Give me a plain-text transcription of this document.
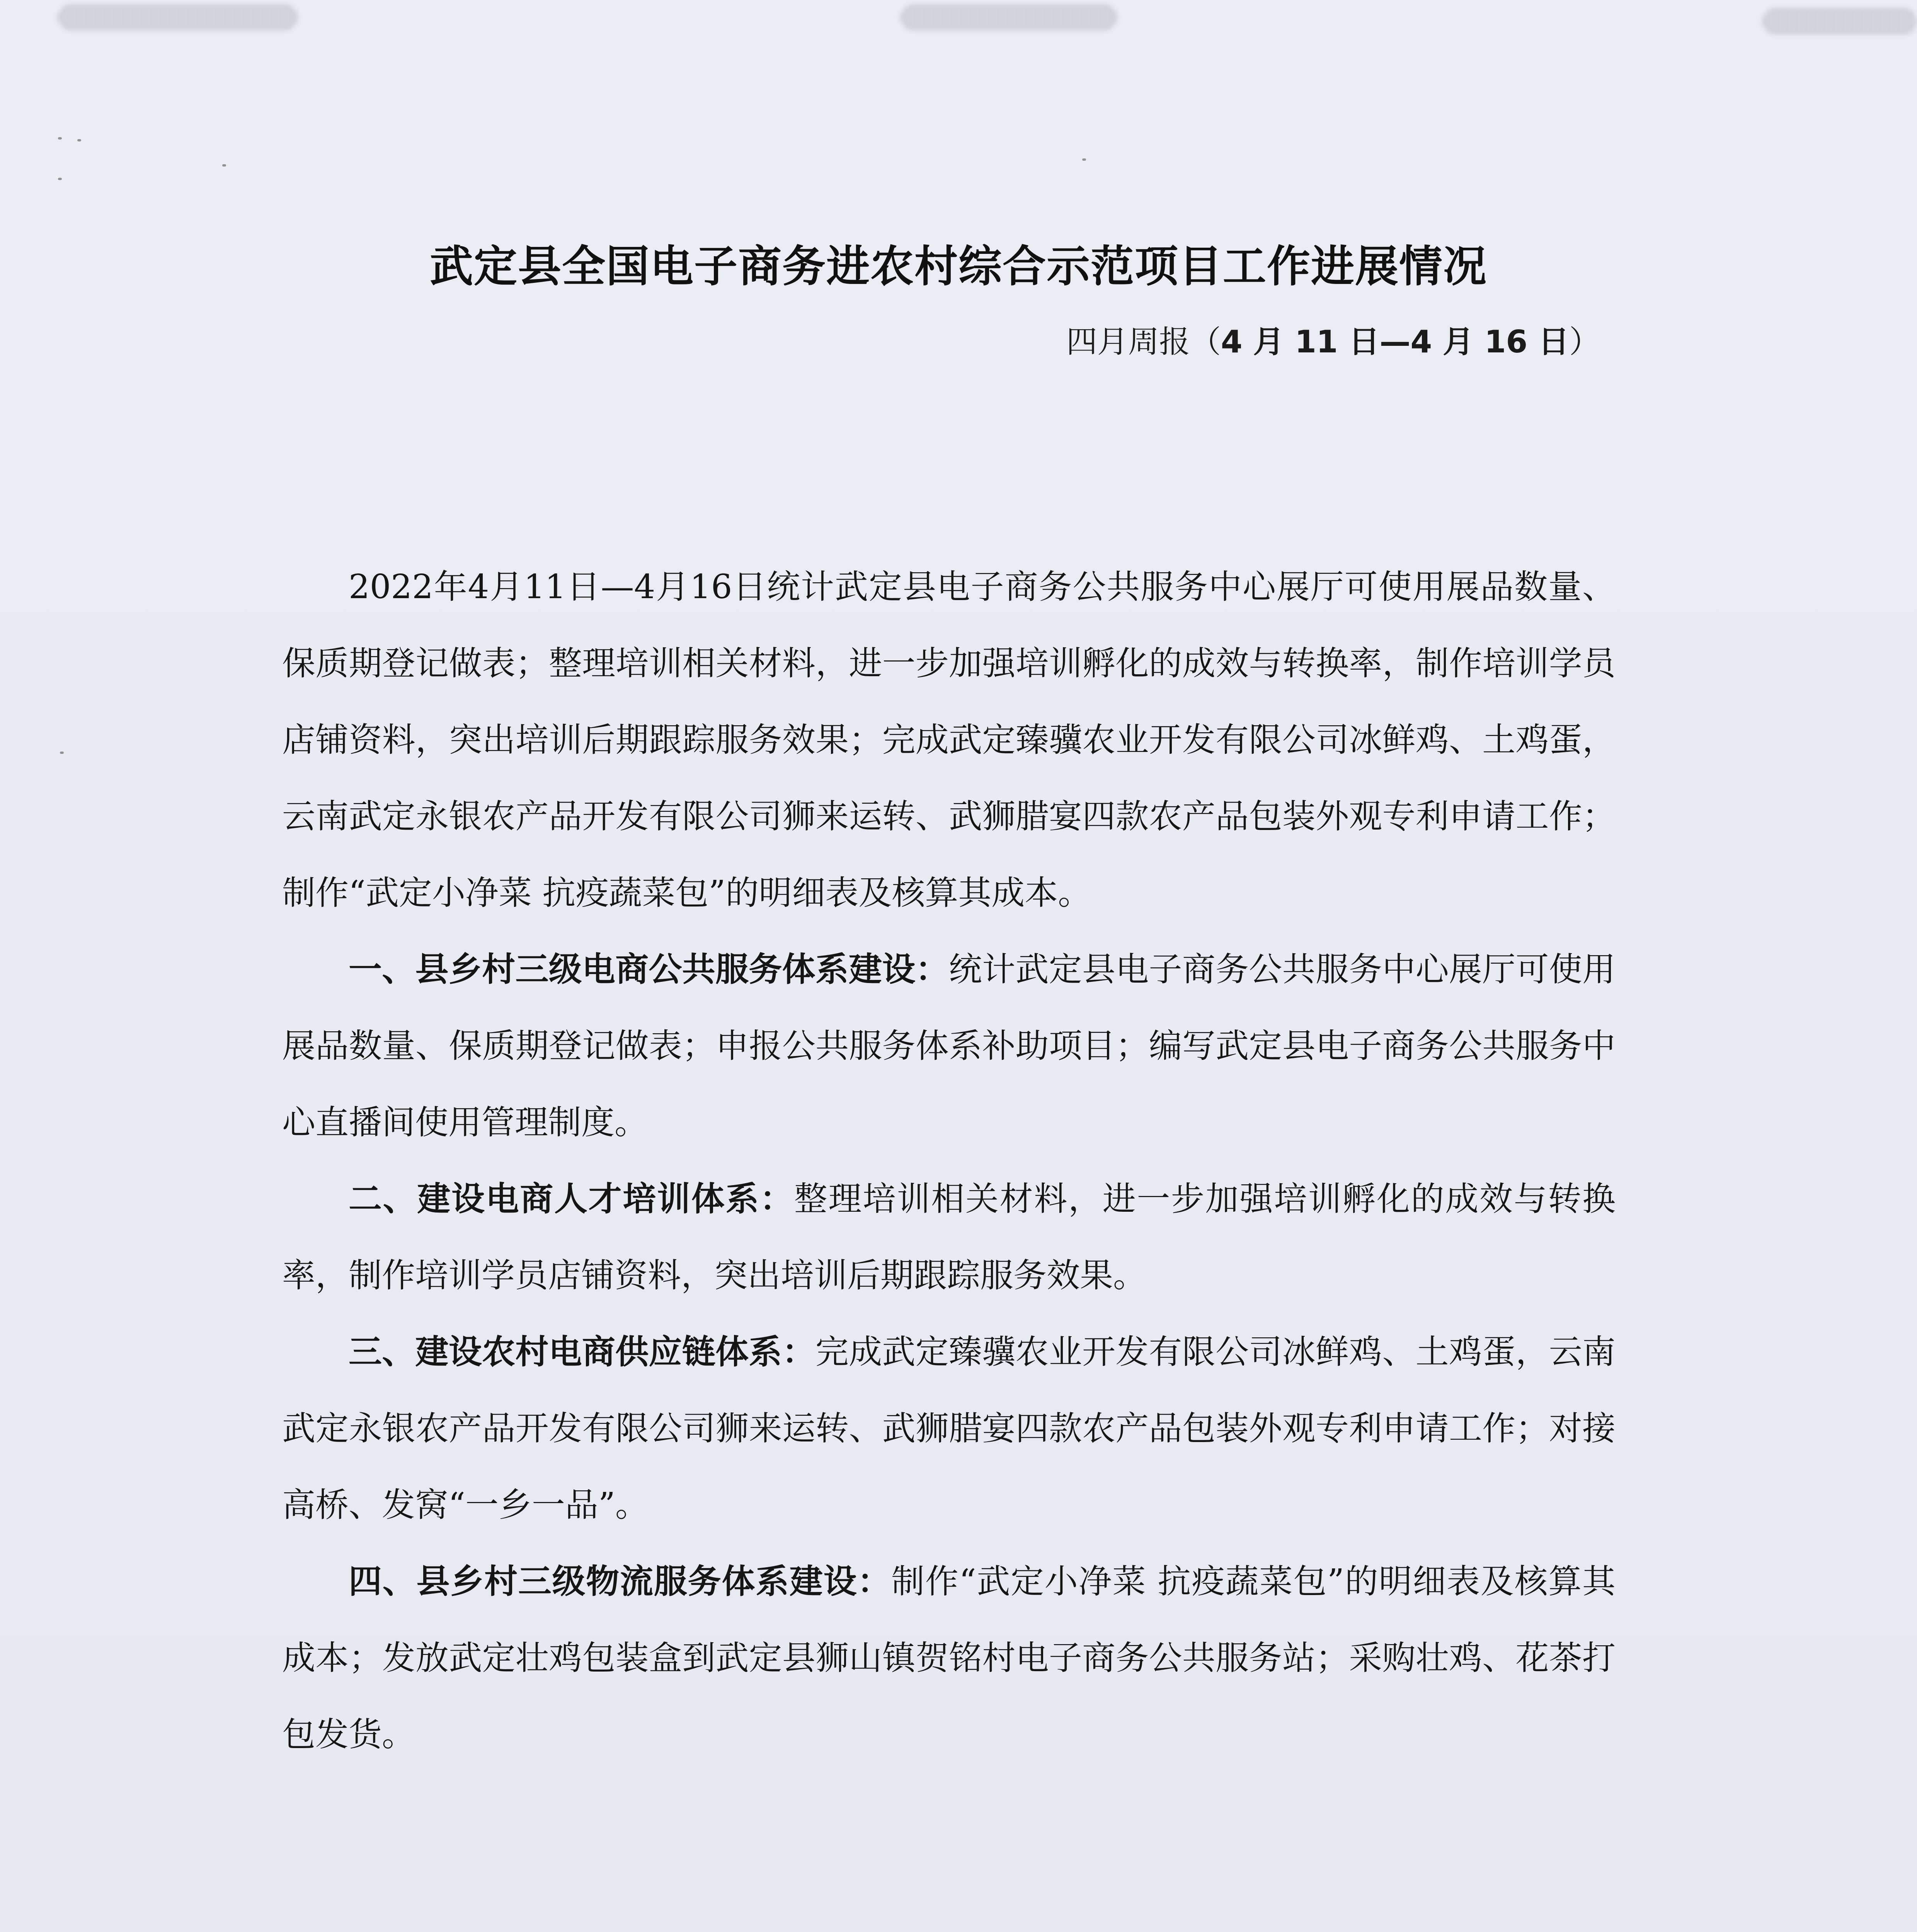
武定县全国电子商务进农村综合示范项目工作进展情况

四月周报（4 月 11 日—4 月 16 日）

2022年4月11日—4月16日统计武定县电子商务公共服务中心展厅可使用展品数量、保质期登记做表；整理培训相关材料，进一步加强培训孵化的成效与转换率，制作培训学员店铺资料，突出培训后期跟踪服务效果；完成武定臻骥农业开发有限公司冰鲜鸡、土鸡蛋，云南武定永银农产品开发有限公司狮来运转、武狮腊宴四款农产品包装外观专利申请工作；制作“武定小净菜 抗疫蔬菜包”的明细表及核算其成本。

一、县乡村三级电商公共服务体系建设：统计武定县电子商务公共服务中心展厅可使用展品数量、保质期登记做表；申报公共服务体系补助项目；编写武定县电子商务公共服务中心直播间使用管理制度。

二、建设电商人才培训体系：整理培训相关材料，进一步加强培训孵化的成效与转换率，制作培训学员店铺资料，突出培训后期跟踪服务效果。

三、建设农村电商供应链体系：完成武定臻骥农业开发有限公司冰鲜鸡、土鸡蛋，云南武定永银农产品开发有限公司狮来运转、武狮腊宴四款农产品包装外观专利申请工作；对接高桥、发窝“一乡一品”。

四、县乡村三级物流服务体系建设：制作“武定小净菜 抗疫蔬菜包”的明细表及核算其成本；发放武定壮鸡包装盒到武定县狮山镇贺铭村电子商务公共服务站；采购壮鸡、花茶打包发货。
